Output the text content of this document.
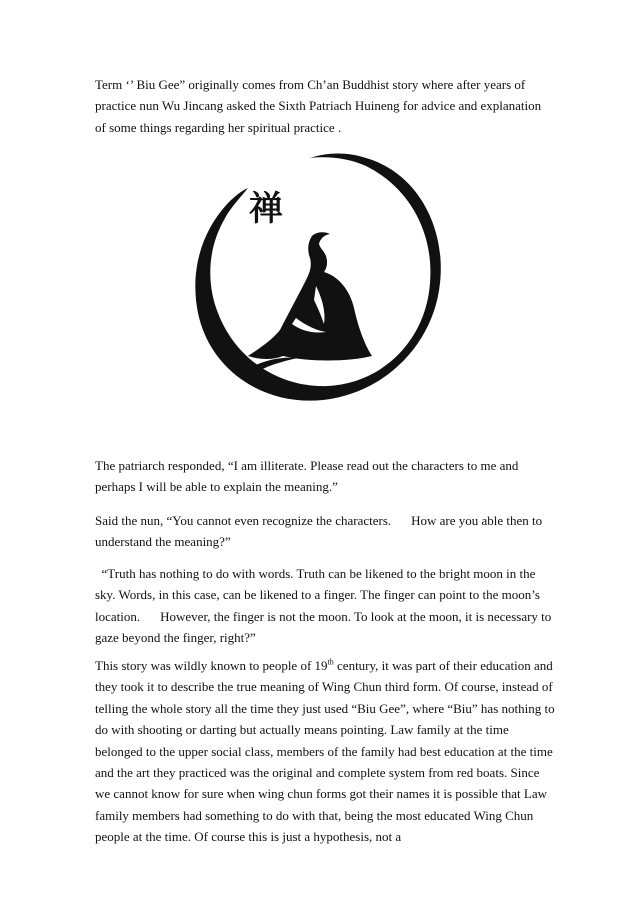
Term ‘’ Biu Gee” originally comes from Ch’an Buddhist story where after years of practice nun Wu Jincang asked the Sixth Patriach Huineng for advice and explanation of some things regarding her spiritual practice .

禅

The patriarch responded, “I am illiterate. Please read out the characters to me and perhaps I will be able to explain the meaning.”

Said the nun, “You cannot even recognize the characters. How are you able then to understand the meaning?”

“Truth has nothing to do with words. Truth can be likened to the bright moon in the sky. Words, in this case, can be likened to a finger. The finger can point to the moon’s location. However, the finger is not the moon. To look at the moon, it is necessary to gaze beyond the finger, right?”

This story was wildly known to people of 19th century, it was part of their education and they took it to describe the true meaning of Wing Chun third form. Of course, instead of telling the whole story all the time they just used “Biu Gee”, where “Biu” has nothing to do with shooting or darting but actually means pointing. Law family at the time belonged to the upper social class, members of the family had best education at the time and the art they practiced was the original and complete system from red boats. Since we cannot know for sure when wing chun forms got their names it is possible that Law family members had something to do with that, being the most educated Wing Chun people at the time. Of course this is just a hypothesis, not a
